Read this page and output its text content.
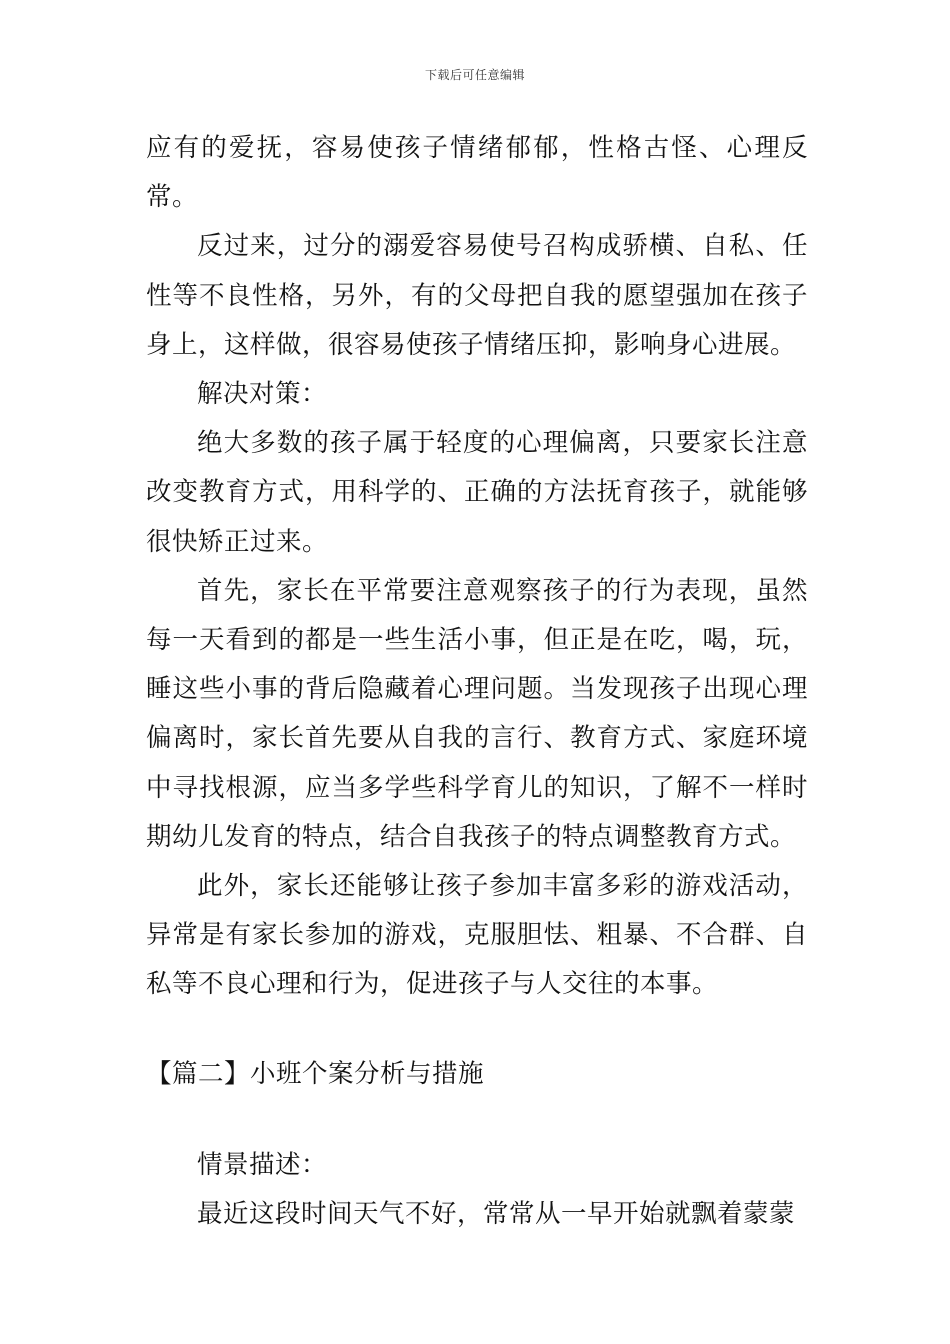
下载后可任意编辑

应有的爱抚，容易使孩子情绪郁郁，性格古怪、心理反常。

反过来，过分的溺爱容易使号召构成骄横、自私、任性等不良性格，另外，有的父母把自我的愿望强加在孩子身上，这样做，很容易使孩子情绪压抑，影响身心进展。

解决对策：

绝大多数的孩子属于轻度的心理偏离，只要家长注意改变教育方式，用科学的、正确的方法抚育孩子，就能够很快矫正过来。

首先，家长在平常要注意观察孩子的行为表现，虽然每一天看到的都是一些生活小事，但正是在吃，喝，玩，睡这些小事的背后隐藏着心理问题。当发现孩子出现心理偏离时，家长首先要从自我的言行、教育方式、家庭环境中寻找根源，应当多学些科学育儿的知识，了解不一样时期幼儿发育的特点，结合自我孩子的特点调整教育方式。

此外，家长还能够让孩子参加丰富多彩的游戏活动，异常是有家长参加的游戏，克服胆怯、粗暴、不合群、自私等不良心理和行为，促进孩子与人交往的本事。

【篇二】小班个案分析与措施

情景描述：

最近这段时间天气不好，常常从一早开始就飘着蒙蒙
